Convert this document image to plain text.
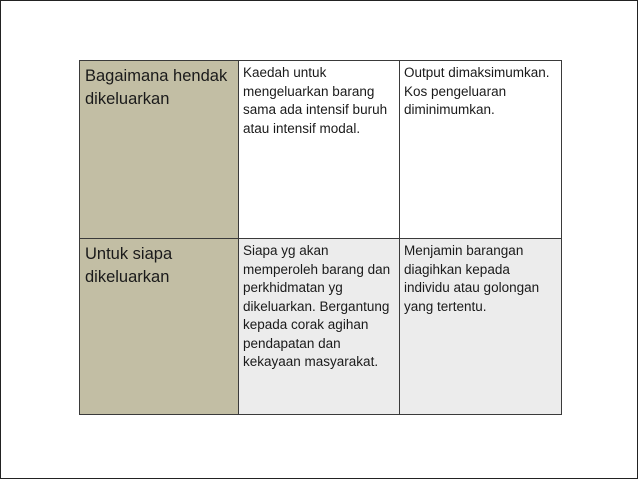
Bagaimana hendak dikeluarkan	Kaedah untuk mengeluarkan barang sama ada intensif buruh atau intensif modal.	Output dimaksimumkan. Kos pengeluaran diminimumkan.
Untuk siapa dikeluarkan	Siapa yg akan memperoleh barang dan perkhidmatan yg dikeluarkan. Bergantung kepada corak agihan pendapatan dan kekayaan masyarakat.	Menjamin barangan diagihkan kepada individu atau golongan yang tertentu.
